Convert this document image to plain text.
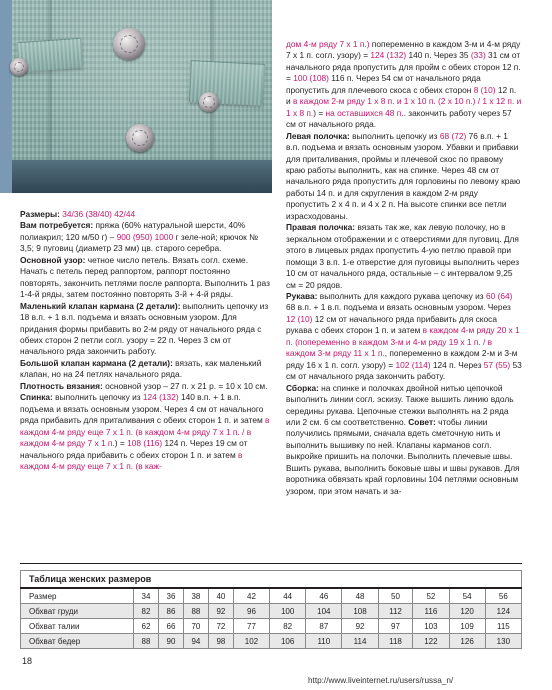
Размеры: 34/36 (38/40) 42/44

Вам потребуется: пряжа (60% натуральной шерсти, 40% полиакрил; 120 м/50 г) – 900 (950) 1000 г зеле-ной; крючок № 3,5; 9 пуговиц (диаметр 23 мм) цв. старого серебра.

Основной узор: четное число петель. Вязать согл. схеме. Начать с петель перед раппортом, раппорт постоянно повторять, закончить петлями после раппорта. Выполнить 1 раз 1-4-й ряды, затем постоянно повторять 3-й + 4-й ряды.

Маленький клапан кармана (2 детали): выполнить цепочку из 18 в.п. + 1 в.п. подъема и вязать основным узором. Для придания формы прибавить во 2-м ряду от начального ряда с обеих сторон 2 петли согл. узору = 22 п. Через 3 см от начального ряда закончить работу.

Большой клапан кармана (2 детали): вязать, как маленький клапан, но на 24 петлях начального ряда.

Плотность вязания: основной узор – 27 п. x 21 р. = 10 x 10 см.

Спинка: выполнить цепочку из 124 (132) 140 в.п. + 1 в.п. подъема и вязать основным узором. Через 4 см от начального ряда прибавить для приталивания с обеих сторон 1 п. и затем в каждом 4-м ряду еще 7 x 1 п. (в каждом 4-м ряду 7 x 1 п. / в каждом 4-м ряду 7 x 1 п.) = 108 (116) 124 п. Через 19 см от начального ряда прибавить с обеих сторон 1 п. и затем в каждом 4-м ряду еще 7 x 1 п. (в каж-

дом 4-м ряду 7 x 1 п.) попеременно в каждом 3-м и 4-м ряду 7 x 1 п. согл. узору) = 124 (132) 140 п. Через 35 (33) 31 см от начального ряда пропустить для пройм с обеих сторон 12 п. = 100 (108) 116 п. Через 54 см от начального ряда пропустить для плечевого скоса с обеих сторон 8 (10) 12 п. и в каждом 2-м ряду 1 x 8 п. и 1 x 10 п. (2 x 10 п.) / 1 x 12 п. и 1 x 8 п.) = на оставшихся 48 п.. закончить работу через 57 см от начального ряда.

Левая полочка: выполнить цепочку из 68 (72) 76 в.п. + 1 в.п. подъема и вязать основным узором. Убавки и прибавки для приталивания, проймы и плечевой скос по правому краю работы выполнить, как на спинке. Через 48 см от начального ряда пропустить для горловины по левому краю работы 14 п. и для скругления в каждом 2-м ряду пропустить 2 x 4 п. и 4 x 2 п. На высоте спинки все петли израсходованы.

Правая полочка: вязать так же, как левую полочку, но в зеркальном отображении и с отверстиями для пуговиц. Для этого в лицевых рядах пропустить 4-ую петлю правой при помощи 3 в.п. 1-е отверстие для пуговицы выполнить через 10 см от начального ряда, остальные – с интервалом 9,25 см = 20 рядов.

Рукава: выполнить для каждого рукава цепочку из 60 (64) 68 в.п. + 1 в.п. подъема и вязать основным узором. Через 12 (10) 12 см от начального ряда прибавить для скоса рукава с обеих сторон 1 п. и затем в каждом 4-м ряду 20 x 1 п. (попеременно в каждом 3-м и 4-м ряду 19 x 1 п. / в каждом 3-м ряду 11 x 1 п., попеременно в каждом 2-м и 3-м ряду 16 x 1 п. согл. узору) = 102 (114) 124 п. Через 57 (55) 53 см от начального ряда закончить работу.

Сборка: на спинке и полочках двойной нитью цепочкой выполнить линии согл. эскизу. Также вышить линию вдоль середины рукава. Цепочные стежки выполнять на 2 ряда или 2 см. 6 см соответственно. Совет: чтобы линии получились прямыми, сначала вдеть сметочную нить и выполнить вышивку по ней. Клапаны карманов согл. выкройке пришить на полочки. Выполнить плечевые швы. Вшить рукава, выполнить боковые швы и швы рукавов. Для воротника обвязать край горловины 104 петлями основным узором, при этом начать и за-

Таблица женских размеров												
Размер	34	36	38	40	42	44	46	48	50	52	54	56
Обхват груди	82	86	88	92	96	100	104	108	112	116	120	124
Обхват талии	62	66	70	72	77	82	87	92	97	103	109	115
Обхват бедер	88	90	94	98	102	106	110	114	118	122	126	130
18
http://www.liveinternet.ru/users/russa_n/
